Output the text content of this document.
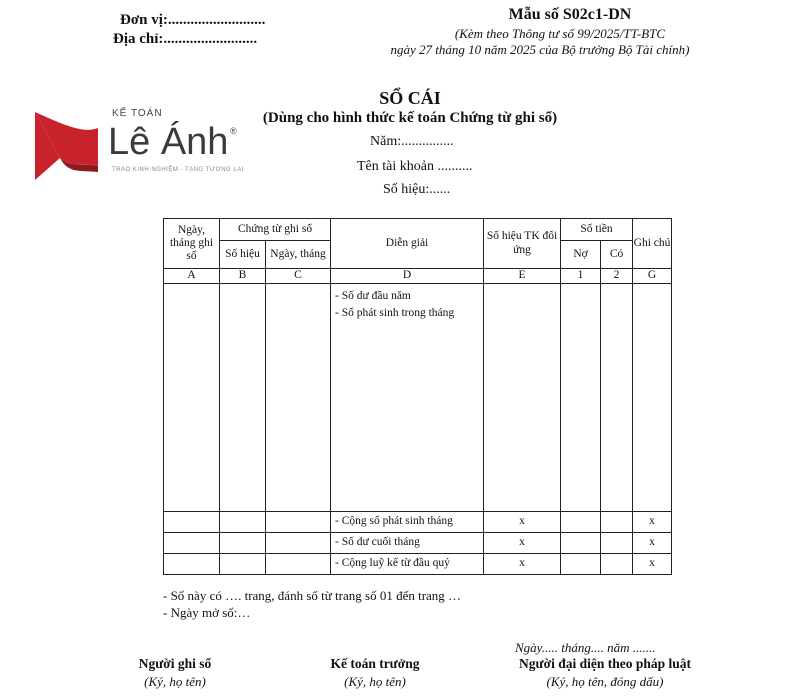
Đơn vị:..........................
Địa chỉ:.........................
Mẫu số S02c1-DN
(Kèm theo Thông tư số 99/2025/TT-BTC
ngày 27 tháng 10 năm 2025 của Bộ trưởng Bộ Tài chính)
KẾ TOÁN
Lê Ánh ®
TRAO KINH NGHIỆM - TẠNG TƯƠNG LAI
SỔ CÁI
(Dùng cho hình thức kế toán Chứng từ ghi sổ)
Năm:...............
Tên tài khoản ..........
Số hiệu:......
Ngày, tháng ghi sổ	Chứng từ ghi sổ		Diễn giải	Số hiệu TK đối ứng	Số tiền		Ghi chú
	Số hiệu	Ngày, tháng			Nợ	Có	
A	B	C	D	E	1	2	G

			- Số dư đầu năm
- Số phát sinh trong tháng				

			- Cộng số phát sinh tháng	x			x
			- Số dư cuối tháng	x			x
			- Cộng luỹ kế từ đầu quý	x			x
- Sổ này có …. trang, đánh số từ trang số 01 đến trang …
- Ngày mở sổ:…
Ngày..... tháng.... năm .......
Người ghi sổ
(Ký, họ tên)
Kế toán trưởng
(Ký, họ tên)
Người đại diện theo pháp luật
(Ký, họ tên, đóng dấu)
